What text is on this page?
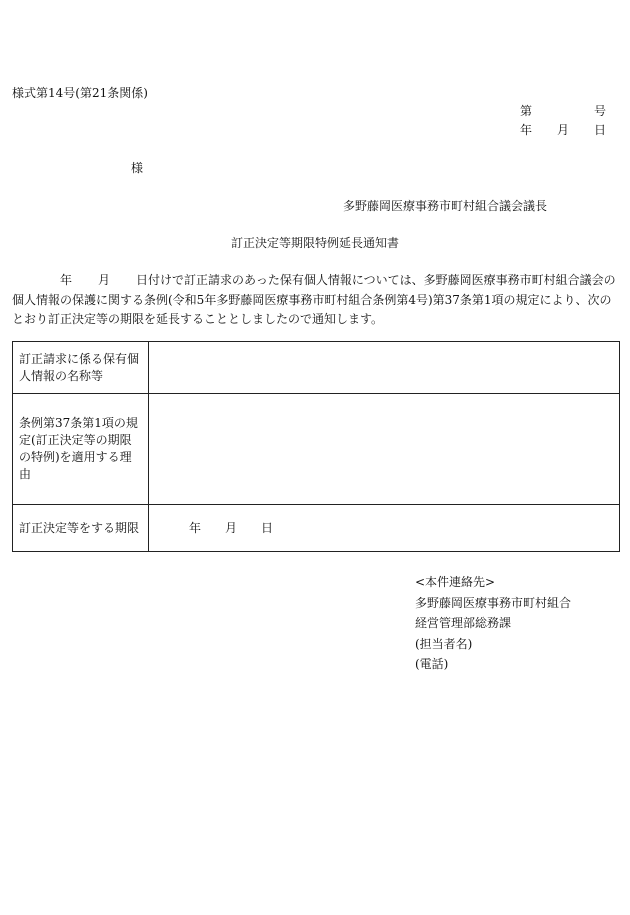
様式第14号(第21条関係)
第	号
年 月 日
様
多野藤岡医療事務市町村組合議会議長
訂正決定等期限特例延長通知書
年 月 日付けで訂正請求のあった保有個人情報については、多野藤岡医療事務市町村組合議会の個人情報の保護に関する条例(令和5年多野藤岡医療事務市町村組合条例第4号)第37条第1項の規定により、次のとおり訂正決定等の期限を延長することとしましたので通知します。
訂正請求に係る保有個人情報の名称等	
条例第37条第1項の規定(訂正決定等の期限の特例)を適用する理由	
訂正決定等をする期限	年 月 日
<本件連絡先>
多野藤岡医療事務市町村組合
経営管理部総務課
(担当者名)
(電話)
